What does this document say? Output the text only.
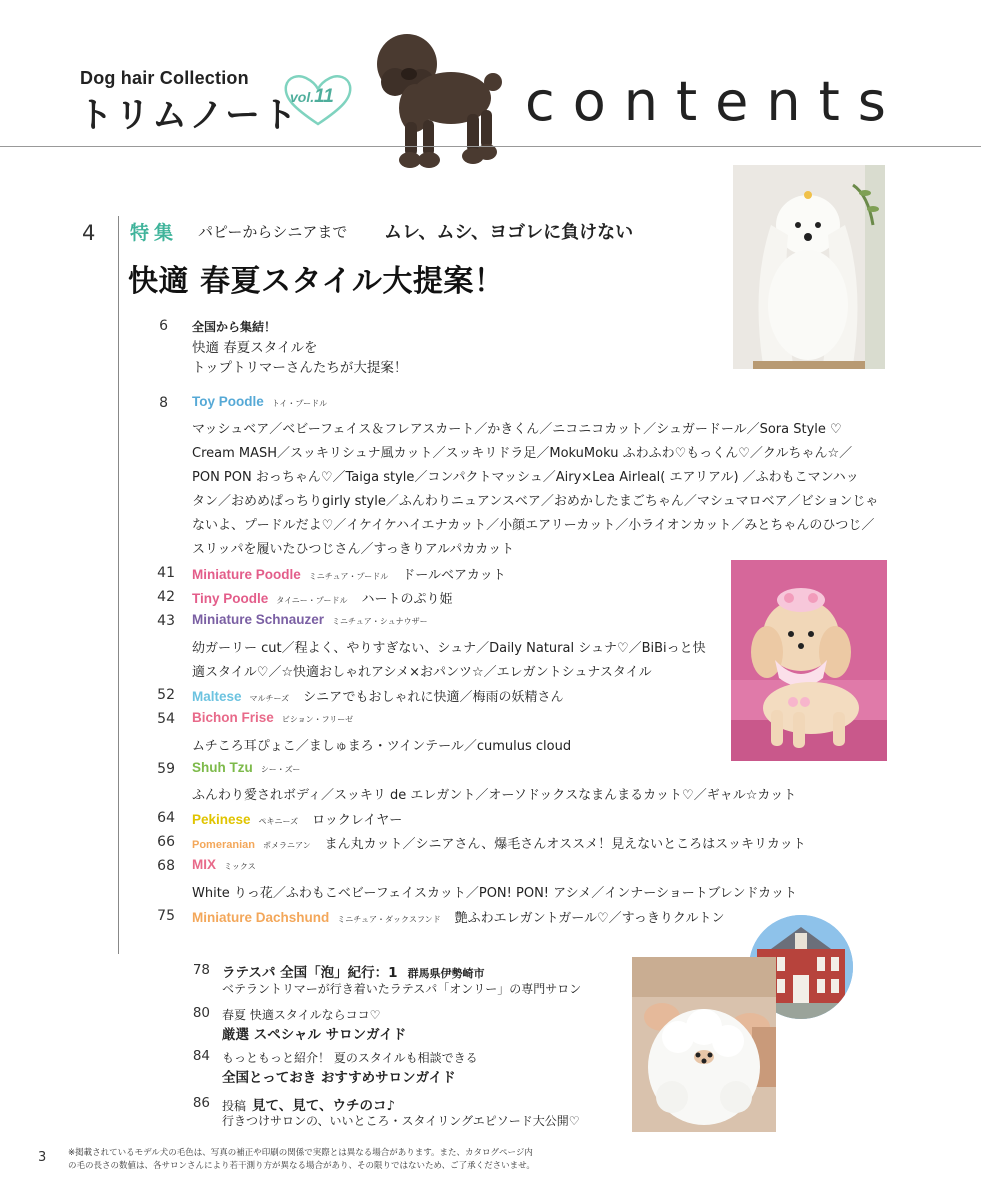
Dog hair Collection
トリムノート
vol.11	contents
4 特集 パピーからシニアまで ムレ、ムシ、ヨゴレに負けない
快適 春夏スタイル大提案！
6 全国から集結！
快適 春夏スタイルを
トップトリマーさんたちが大提案！
8 Toy Poodle トイ・プードル
マッシュベア／ベビーフェイス＆フレアスカート／かきくん／ニコニコカット／シュガードール／Sora Style ♡
Cream MASH／スッキリシュナ風カット／スッキリドラ足／MokuMoku ふわふわ♡もっくん♡／クルちゃん☆／
PON PON おっちゃん♡／Taiga style／コンパクトマッシュ／Airy×Lea Airleal( エアリアル) ／ふわもこマンハッ
タン／おめめぱっちりgirly style／ふんわりニュアンスベア／おめかしたまごちゃん／マシュマロベア／ビションじゃ
ないよ、プードルだよ♡／イケイケハイエナカット／小顔エアリーカット／小ライオンカット／みとちゃんのひつじ／
スリッパを履いたひつじさん／すっきりアルパカカット
41 Miniature Poodle ミニチュア・プードル ドールベアカット
42 Tiny Poodle タイニー・プードル ハートのぷり姫
43 Miniature Schnauzer ミニチュア・シュナウザー
幼ガーリー cut／程よく、やりすぎない、シュナ／Daily Natural シュナ♡／BiBiっと快
適スタイル♡／☆快適おしゃれアシメ×おパンツ☆／エレガントシュナスタイル
52 Maltese マルチーズ シニアでもおしゃれに快適／梅雨の妖精さん
54 Bichon Frise ビション・フリーゼ
ムチころ耳ぴょこ／ましゅまろ・ツインテール／cumulus cloud
59 Shuh Tzu シー・ズー
ふんわり愛されボディ／スッキリ de エレガント／オーソドックスなまんまるカット♡／ギャル☆カット
64 Pekinese ペキニーズ ロックレイヤー
66 Pomeranian ポメラニアン まん丸カット／シニアさん、爆毛さんオススメ！見えないところはスッキリカット
68 MIX ミックス
White りっ花／ふわもこベビーフェイスカット／PON! PON! アシメ／インナーショートブレンドカット
75 Miniature Dachshund ミニチュア・ダックスフンド 艶ふわエレガントガール♡／すっきりクルトン
78 ラテスパ 全国「泡」紀行：1 群馬県伊勢崎市
ベテラントリマーが行き着いたラテスパ「オンリー」の専門サロン
80 春夏 快適スタイルならココ♡
厳選 スペシャル サロンガイド
84 もっともっと紹介！ 夏のスタイルも相談できる
全国とっておき おすすめサロンガイド
86 投稿 見て、見て、ウチのコ♪
行きつけサロンの、いいところ・スタイリングエピソード大公開♡
3	※掲載されているモデル犬の毛色は、写真の補正や印刷の関係で実際とは異なる場合があります。また、カタログページ内
の毛の長さの数値は、各サロンさんにより若干測り方が異なる場合があり、その限りではないため、ご了承くださいませ。
